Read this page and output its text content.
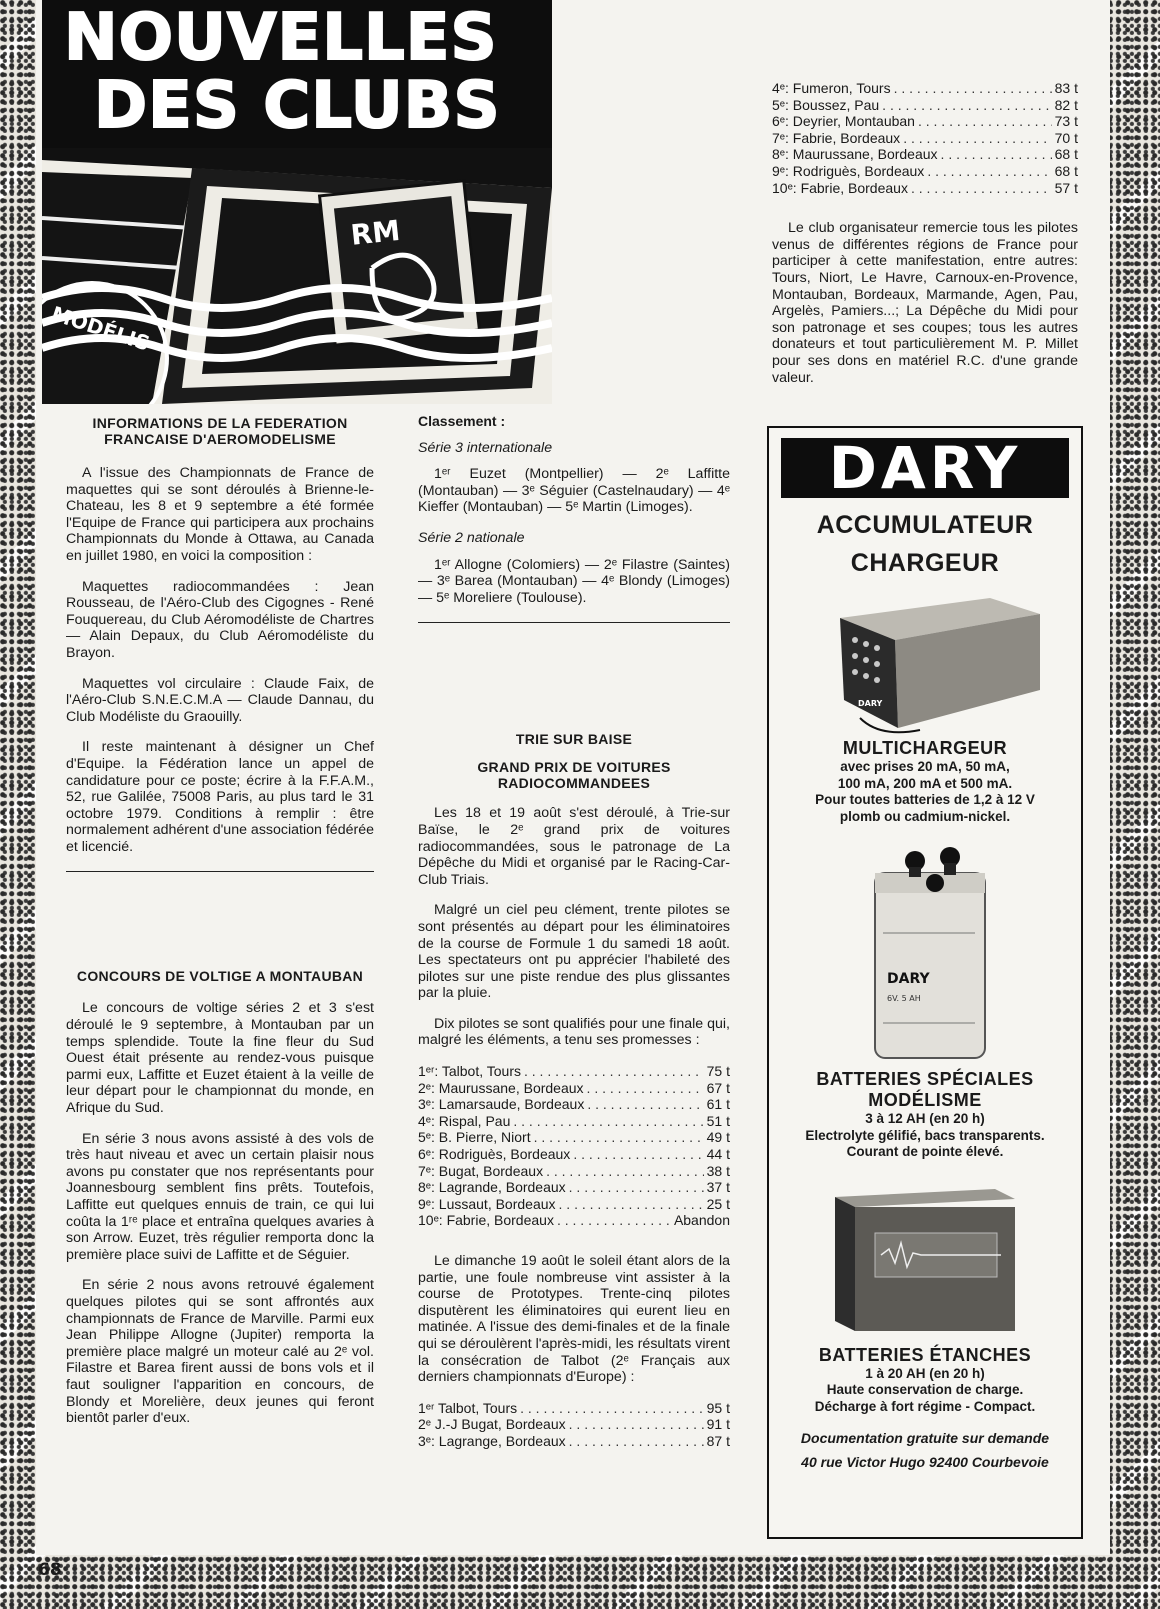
NOUVELLES
DES CLUBS
RM
MODÉLIS
INFORMATIONS DE LA FEDERATION FRANCAISE D'AEROMODELISME

A l'issue des Championnats de France de maquettes qui se sont déroulés à Brienne-le-Chateau, les 8 et 9 septembre a été formée l'Equipe de France qui participera aux prochains Championnats du Monde à Ottawa, au Canada en juillet 1980, en voici la composition :

Maquettes radiocommandées : Jean Rousseau, de l'Aéro-Club des Cigognes - René Fouquereau, du Club Aéromodéliste de Chartres — Alain Depaux, du Club Aéromodéliste du Brayon.

Maquettes vol circulaire : Claude Faix, de l'Aéro-Club S.N.E.C.M.A — Claude Dannau, du Club Modéliste du Graouilly.

Il reste maintenant à désigner un Chef d'Equipe. la Fédération lance un appel de candidature pour ce poste; écrire à la F.F.A.M., 52, rue Galilée, 75008 Paris, au plus tard le 31 octobre 1979. Conditions à remplir : être normalement adhérent d'une association fédérée et licencié.

CONCOURS DE VOLTIGE A MONTAUBAN

Le concours de voltige séries 2 et 3 s'est déroulé le 9 septembre, à Montauban par un temps splendide. Toute la fine fleur du Sud Ouest était présente au rendez-vous puisque parmi eux, Laffitte et Euzet étaient à la veille de leur départ pour le championnat du monde, en Afrique du Sud.

En série 3 nous avons assisté à des vols de très haut niveau et avec un certain plaisir nous avons pu constater que nos représentants pour Joannesbourg semblent fins prêts. Toutefois, Laffitte eut quelques ennuis de train, ce qui lui coûta la 1ʳᵉ place et entraîna quelques avaries à son Arrow. Euzet, très régulier remporta donc la première place suivi de Laffitte et de Séguier.

En série 2 nous avons retrouvé également quelques pilotes qui se sont affrontés aux championnats de France de Marville. Parmi eux Jean Philippe Allogne (Jupiter) remporta la première place malgré un moteur calé au 2ᵉ vol. Filastre et Barea firent aussi de bons vols et il faut souligner l'apparition en concours, de Blondy et Morelière, deux jeunes qui feront bientôt parler d'eux.

Classement :
Série 3 internationale

1ᵉʳ Euzet (Montpellier) — 2ᵉ Laffitte (Montauban) — 3ᵉ Séguier (Castelnaudary) — 4ᵉ Kieffer (Montauban) — 5ᵉ Martin (Limoges).

Série 2 nationale

1ᵉʳ Allogne (Colomiers) — 2ᵉ Filastre (Saintes) — 3ᵉ Barea (Montauban) — 4ᵉ Blondy (Limoges) — 5ᵉ Moreliere (Toulouse).

TRIE SUR BAISE
GRAND PRIX DE VOITURES RADIOCOMMANDEES

Les 18 et 19 août s'est déroulé, à Trie-sur Baïse, le 2ᵉ grand prix de voitures radiocommandées, sous le patronage de La Dépêche du Midi et organisé par le Racing-Car-Club Triais.

Malgré un ciel peu clément, trente pilotes se sont présentés au départ pour les éliminatoires de la course de Formule 1 du samedi 18 août. Les spectateurs ont pu apprécier l'habileté des pilotes sur une piste rendue des plus glissantes par la pluie.

Dix pilotes se sont qualifiés pour une finale qui, malgré les éléments, a tenu ses promesses :

1ᵉʳ: Talbot, Tours . . .	75 t
2ᵉ: Maurussane, Bordeaux . . .	67 t
3ᵉ: Lamarsaude, Bordeaux . . .	61 t
4ᵉ: Rispal, Pau . . .	51 t
5ᵉ: B. Pierre, Niort . . .	49 t
6ᵉ: Rodriguès, Bordeaux . . .	44 t
7ᵉ: Bugat, Bordeaux . . .	38 t
8ᵉ: Lagrande, Bordeaux . . .	37 t
9ᵉ: Lussaut, Bordeaux . . .	25 t
10ᵉ: Fabrie, Bordeaux . . .	Abandon

Le dimanche 19 août le soleil étant alors de la partie, une foule nombreuse vint assister à la course de Prototypes. Trente-cinq pilotes disputèrent les éliminatoires qui eurent lieu en matinée. A l'issue des demi-finales et de la finale qui se déroulèrent l'après-midi, les résultats virent la consécration de Talbot (2ᵉ Français aux derniers championnats d'Europe) :

1ᵉʳ Talbot, Tours . . .	95 t
2ᵉ J.-J Bugat, Bordeaux . . .	91 t
3ᵉ: Lagrange, Bordeaux . . .	87 t
4ᵉ: Fumeron, Tours . . .	83 t
5ᵉ: Boussez, Pau . . .	82 t
6ᵉ: Deyrier, Montauban . . .	73 t
7ᵉ: Fabrie, Bordeaux . . .	70 t
8ᵉ: Maurussane, Bordeaux . . .	68 t
9ᵉ: Rodriguès, Bordeaux . . .	68 t
10ᵉ: Fabrie, Bordeaux . . .	57 t

Le club organisateur remercie tous les pilotes venus de différentes régions de France pour participer à cette manifestation, entre autres: Tours, Niort, Le Havre, Carnoux-en-Provence, Montauban, Bordeaux, Marmande, Agen, Pau, Argelès, Pamiers...; La Dépêche du Midi pour son patronage et ses coupes; tous les autres donateurs et tout particulièrement M. P. Millet pour ses dons en matériel R.C. d'une grande valeur.

DARY
ACCUMULATEUR
CHARGEUR
DARY
MULTICHARGEUR
avec prises 20 mA, 50 mA,
100 mA, 200 mA et 500 mA.
Pour toutes batteries de 1,2 à 12 V
plomb ou cadmium-nickel.
DARY
6V. 5 AH
BATTERIES SPÉCIALES
MODÉLISME
3 à 12 AH (en 20 h)
Electrolyte gélifié, bacs transparents.
Courant de pointe élevé.
BATTERIES ÉTANCHES
1 à 20 AH (en 20 h)
Haute conservation de charge.
Décharge à fort régime - Compact.
Documentation gratuite sur demande
40 rue Victor Hugo 92400 Courbevoie
68
